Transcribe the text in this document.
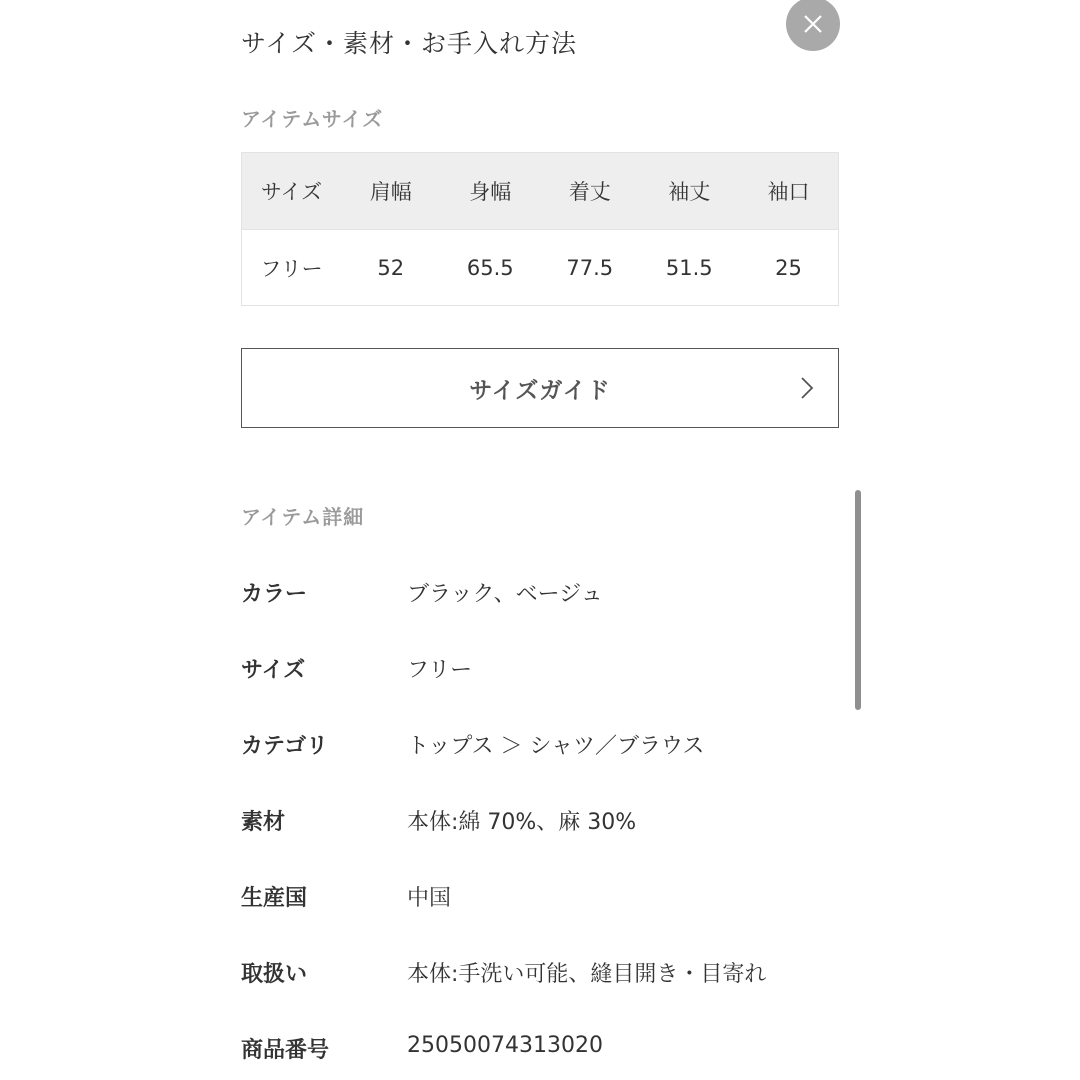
サイズ・素材・お手入れ方法
アイテムサイズ
サイズ	肩幅	身幅	着丈	袖丈	袖口
フリー	52	65.5	77.5	51.5	25
サイズガイド
アイテム詳細
カラー	ブラック、ベージュ
サイズ	フリー
カテゴリ	トップス ＞ シャツ／ブラウス
素材	本体:綿 70%、麻 30%
生産国	中国
取扱い	本体:手洗い可能、縫目開き・目寄れ
商品番号	25050074313020
